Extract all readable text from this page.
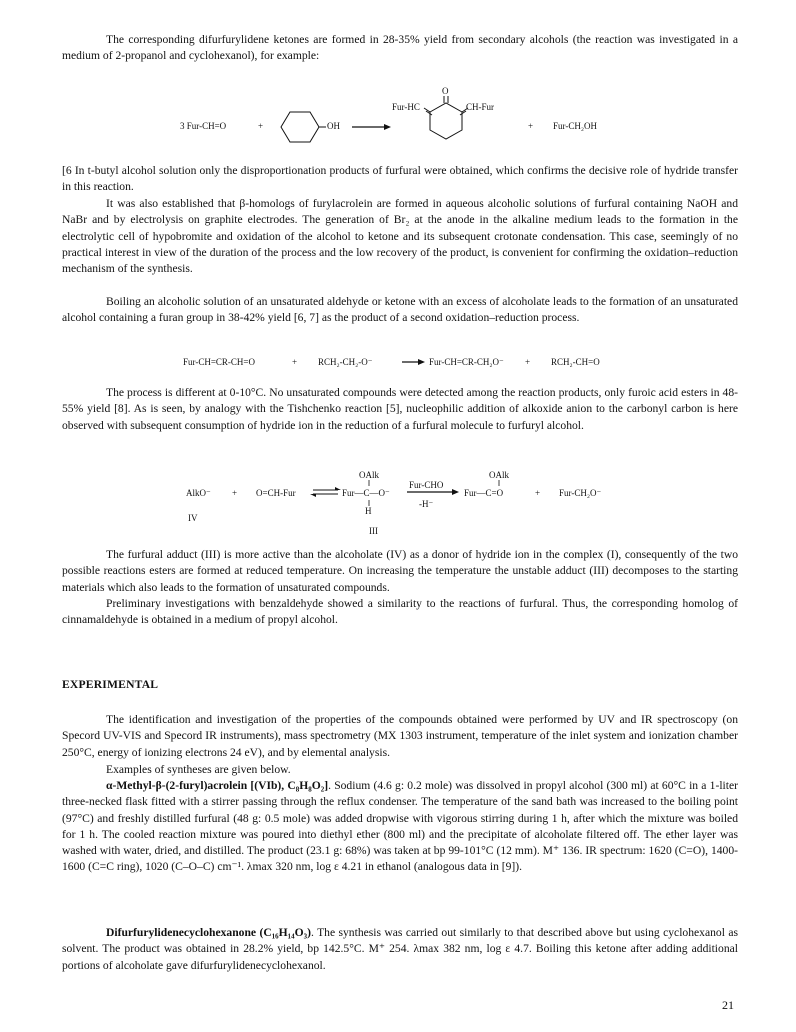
The corresponding difurfurylidene ketones are formed in 28-35% yield from secondary alcohols (the reaction was investigated in a medium of 2-propanol and cyclohexanol), for example:

3 Fur-CH=O	+	OH
O
Fur-HC	CH-Fur
+ Fur-CH₂OH

[6 In t-butyl alcohol solution only the disproportionation products of furfural were obtained, which confirms the decisive role of hydride transfer in this reaction.

It was also established that β-homologs of furylacrolein are formed in aqueous alcoholic solutions of furfural containing NaOH and NaBr and by electrolysis on graphite electrodes. The generation of Br₂ at the anode in the alkaline medium leads to the formation in the electrolytic cell of hypobromite and oxidation of the alcohol to ketone and its subsequent crotonate condensation. This case, seemingly of no practical interest in view of the duration of the process and the low recovery of the product, is convenient for confirming the oxidation–reduction mechanism of the synthesis.

Boiling an alcoholic solution of an unsaturated aldehyde or ketone with an excess of alcoholate leads to the formation of an unsaturated alcohol containing a furan group in 38-42% yield [6, 7] as the product of a second oxidation–reduction process.

Fur-CH=CR-CH=O	+ RCH₂-CH₂-O⁻	Fur-CH=CR-CH₂O⁻ + RCH₂-CH=O

The process is different at 0-10°C. No unsaturated compounds were detected among the reaction products, only furoic acid esters in 48-55% yield [8]. As is seen, by analogy with the Tishchenko reaction [5], nucleophilic addition of alkoxide anion to the carbonyl carbon is here observed with subsequent consumption of hydride ion in the reduction of a furfural molecule to furfuryl alcohol.

AlkO⁻
IV
+ O=CH-Fur
OAlk
Fur—C—O⁻
H
III
Fur-CHO
-H⁻
OAlk
Fur—C=O	+ Fur-CH₂O⁻

The furfural adduct (III) is more active than the alcoholate (IV) as a donor of hydride ion in the complex (I), consequently of the two possible reactions esters are formed at reduced temperature. On increasing the temperature the unstable adduct (III) decomposes to the starting materials which also leads to the formation of unsaturated compounds.

Preliminary investigations with benzaldehyde showed a similarity to the reactions of furfural. Thus, the corresponding homolog of cinnamaldehyde is obtained in a medium of propyl alcohol.

EXPERIMENTAL

The identification and investigation of the properties of the compounds obtained were performed by UV and IR spectroscopy (on Specord UV-VIS and Specord IR instruments), mass spectrometry (MX 1303 instrument, temperature of the inlet system and ionization chamber 250°C, energy of ionizing electrons 24 eV), and by elemental analysis.

Examples of syntheses are given below.

α-Methyl-β-(2-furyl)acrolein [(VIb), C₈H₈O₂]. Sodium (4.6 g: 0.2 mole) was dissolved in propyl alcohol (300 ml) at 60°C in a 1-liter three-necked flask fitted with a stirrer passing through the reflux condenser. The temperature of the sand bath was increased to the boiling point (97°C) and freshly distilled furfural (48 g: 0.5 mole) was added dropwise with vigorous stirring during 1 h, after which the mixture was boiled for 1 h. The cooled reaction mixture was poured into diethyl ether (800 ml) and the precipitate of alcoholate filtered off. The ether layer was washed with water, dried, and distilled. The product (23.1 g: 68%) was taken at bp 99-101°C (12 mm). M⁺ 136. IR spectrum: 1620 (C=O), 1400-1600 (C=C ring), 1020 (C–O–C) cm⁻¹. λmax 320 nm, log ε 4.21 in ethanol (analogous data in [9]).

Difurfurylidenecyclohexanone (C₁₆H₁₄O₃). The synthesis was carried out similarly to that described above but using cyclohexanol as solvent. The product was obtained in 28.2% yield, bp 142.5°C. M⁺ 254. λmax 382 nm, log ε 4.7. Boiling this ketone after adding additional portions of alcoholate gave difurfurylidenecyclohexanol.

21
